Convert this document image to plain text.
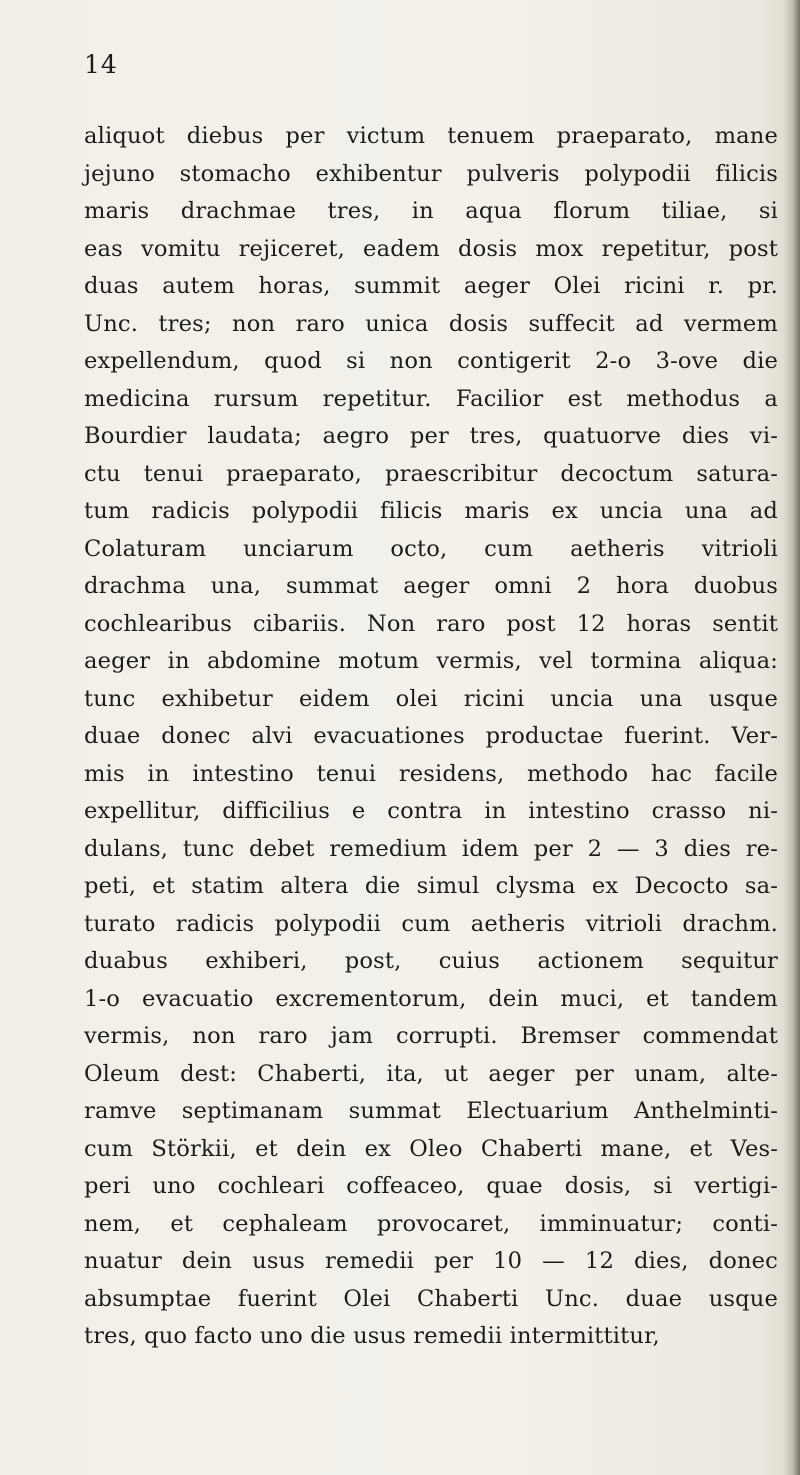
14
aliquot diebus per victum tenuem praeparato, mane
jejuno stomacho exhibentur pulveris polypodii filicis
maris drachmae tres, in aqua florum tiliae, si
eas vomitu rejiceret, eadem dosis mox repetitur, post
duas autem horas, summit aeger Olei ricini r. pr.
Unc. tres; non raro unica dosis suffecit ad vermem
expellendum, quod si non contigerit 2-o 3-ove die
medicina rursum repetitur. Facilior est methodus a
Bourdier laudata; aegro per tres, quatuorve dies vi-
ctu tenui praeparato, praescribitur decoctum satura-
tum radicis polypodii filicis maris ex uncia una ad
Colaturam unciarum octo, cum aetheris vitrioli
drachma una, summat aeger omni 2 hora duobus
cochlearibus cibariis. Non raro post 12 horas sentit
aeger in abdomine motum vermis, vel tormina aliqua:
tunc exhibetur eidem olei ricini uncia una usque
duae donec alvi evacuationes productae fuerint. Ver-
mis in intestino tenui residens, methodo hac facile
expellitur, difficilius e contra in intestino crasso ni-
dulans, tunc debet remedium idem per 2 — 3 dies re-
peti, et statim altera die simul clysma ex Decocto sa-
turato radicis polypodii cum aetheris vitrioli drachm.
duabus exhiberi, post, cuius actionem sequitur
1-o evacuatio excrementorum, dein muci, et tandem
vermis, non raro jam corrupti. Bremser commendat
Oleum dest: Chaberti, ita, ut aeger per unam, alte-
ramve septimanam summat Electuarium Anthelminti-
cum Störkii, et dein ex Oleo Chaberti mane, et Ves-
peri uno cochleari coffeaceo, quae dosis, si vertigi-
nem, et cephaleam provocaret, imminuatur; conti-
nuatur dein usus remedii per 10 — 12 dies, donec
absumptae fuerint Olei Chaberti Unc. duae usque
tres, quo facto uno die usus remedii intermittitur,
